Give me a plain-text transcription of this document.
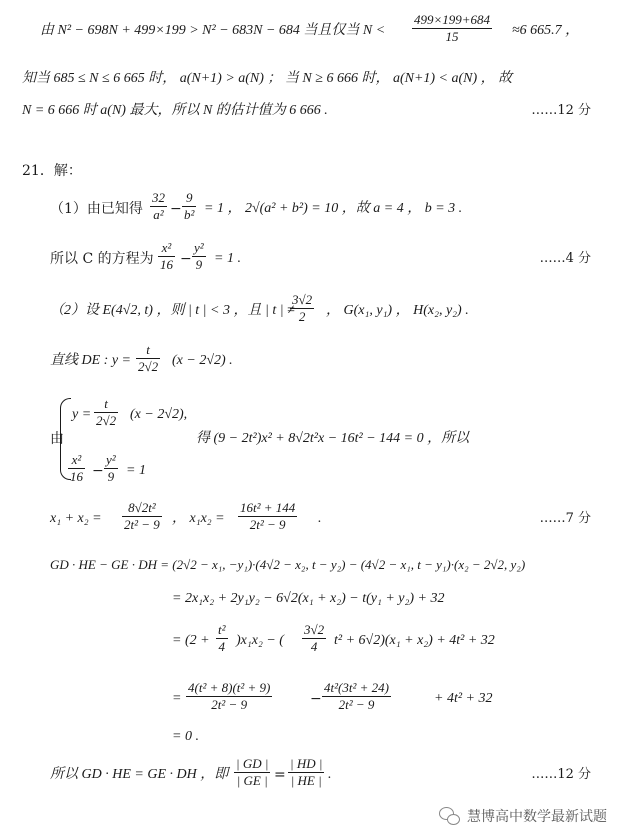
由 N² − 698N + 499×199 > N² − 683N − 684 当且仅当 $N < \frac{499\times 199+684}{15} \approx 6$ 665.7 ，
知当 685 ≤ N ≤ 6 665 时， a(N+1) > a(N) ； 当 N ≥ 6 666 时， a(N+1) < a(N) ， 故
N = 6 666 时 a(N) 最大，所以 N 的估计值为 6 666 .	……12 分
21．解：
（1）由已知得 $\frac{32}{\text{a²}} - \frac{9}{\text{b²}} = 1$ ， 2√(a² + b²) = 10 ，故 a = 4 ， b = 3 .
所以 C 的方程为 $\frac{\text{x²}}{16} - \frac{\text{y²}}{9} = 1$ .	……4 分
（2）设 E(4√2, t) ，则 | t | < 3 ，且 | t | ≠
$\frac{3√2}{2}$ ， G(x₁, y₁) ， H(x₂, y₂) .
直线 DE : $y = \frac{t}{2√2} (x - 2√2)$ .
$y = \frac{t}{2√2} (x - 2√2)$,
由	得 (9 − 2t²)x² + 8√2t²x − 16t² − 144 = 0 ，所以
$\frac{\text{x²}}{16} - \frac{\text{y²}}{9} = 1$
$x_1 + x_2 = \frac{\text{8√2t²}}{\text{2t² − 9}}$ ， $x_1x_2 = \frac{\text{16t² + 144}}{\text{2t² − 9}}$ .	……7 分
GD · HE − GE · DH = (2√2 − x₁, −y₁)·(4√2 − x₂, t − y₂) − (4√2 − x₁, t − y₁)·(x₂ − 2√2, y₂)
= 2x₁x₂ + 2y₁y₂ − 6√2(x₁ + x₂) − t(y₁ + y₂) + 32
= $(2 + \frac{\text{t²}}{4} )x_1x_2$ − ( $\frac{3√2}{4} t^2 + 6√2)(x_1 + x_2) + 4t^2 + 32$
= $\frac{\text{4(t² + 8)(t² + 9)}}{\text{2t² − 9}}$	− $\frac{\text{4t²(3t² + 24)}}{\text{2t² − 9}}$	+ 4t² + 32
= 0 .
所以 GD · HE = GE · DH ，即 $\frac{| GD |}{| GE |} = \frac{| HD |}{| HE |}$ .	……12 分
慧博高中数学最新试题
